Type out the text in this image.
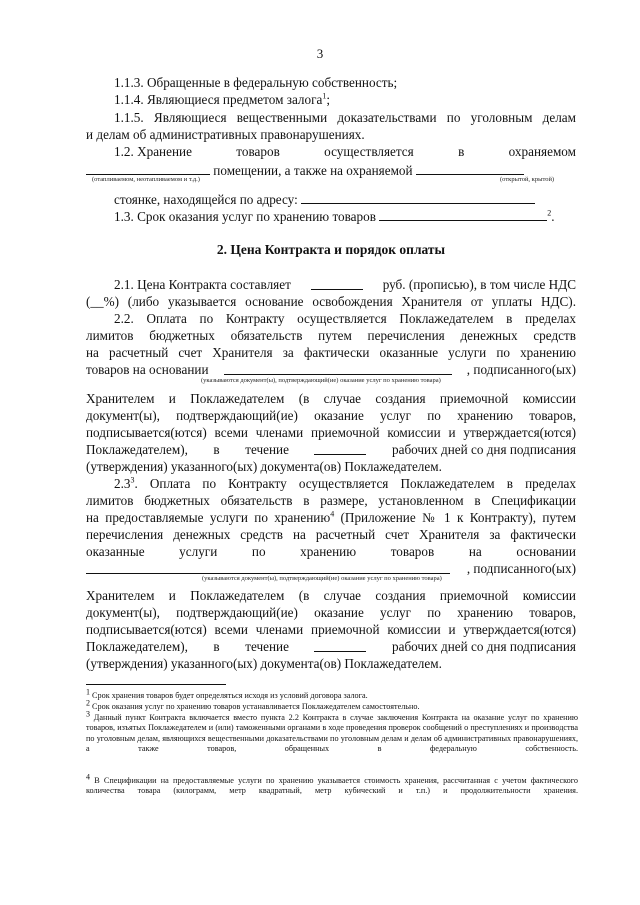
3
1.1.3. Обращенные в федеральную собственность;
1.1.4. Являющиеся предметом залога$^1$;
1.1.5. Являющиеся вещественными доказательствами по уголовным делам
и делам об административных правонарушениях.
1.2. Хранение	товаров	осуществляется	в	охраняемом
помещении, а также на охраняемой
(отапливаемом, неотапливаемом и т.д.)	(открытой, крытой)
стоянке, находящейся по адресу:
1.3. Срок оказания услуг по хранению товаров	$^2$.
2. Цена Контракта и порядок оплаты
2.1. Цена Контракта составляет	руб. (прописью), в том числе НДС
(__%) (либо указывается основание освобождения Хранителя от уплаты НДС).
2.2. Оплата по Контракту осуществляется Поклажедателем в пределах
лимитов бюджетных обязательств путем перечисления денежных средств
на расчетный счет Хранителя за фактически оказанные услуги по хранению
товаров на основании	, подписанного(ых)
(указываются документ(ы), подтверждающий(ие) оказание услуг по хранению товара)
Хранителем и Поклажедателем (в случае создания приемочной комиссии
документ(ы), подтверждающий(ие) оказание услуг по хранению товаров,
подписывается(ются) всеми членами приемочной комиссии и утверждается(ются)
Поклажедателем), в течение	рабочих дней со дня подписания
(утверждения) указанного(ых) документа(ов) Поклажедателем.
$2.3^3$. Оплата по Контракту осуществляется Поклажедателем в пределах
лимитов бюджетных обязательств в размере, установленном в Спецификации
на предоставляемые услуги по хранению$^4$ (Приложение № 1 к Контракту), путем
перечисления денежных средств на расчетный счет Хранителя за фактически
оказанные	услуги	по	хранению	товаров	на	основании
, подписанного(ых)
(указываются документ(ы), подтверждающий(ие) оказание услуг по хранению товара)
Хранителем и Поклажедателем (в случае создания приемочной комиссии
документ(ы), подтверждающий(ие) оказание услуг по хранению товаров,
подписывается(ются) всеми членами приемочной комиссии и утверждается(ются)
Поклажедателем), в течение	рабочих дней со дня подписания
(утверждения) указанного(ых) документа(ов) Поклажедателем.
$^1$ Срок хранения товаров будет определяться исходя из условий договора залога.
$^2$ Срок оказания услуг по хранению товаров устанавливается Поклажедателем самостоятельно.
$^3$ Данный пункт Контракта включается вместо пункта 2.2 Контракта в случае заключения Контракта на оказание услуг по хранению товаров, изъятых Поклажедателем и (или) таможенными органами в ходе проведения проверок сообщений о преступлениях и производства по уголовным делам, являющихся вещественными доказательствами по уголовным делам и делам об административных правонарушениях, а также товаров, обращенных в федеральную собственность.
$^4$ В Спецификации на предоставляемые услуги по хранению указывается стоимость хранения, рассчитанная с учетом фактического количества товара (килограмм, метр квадратный, метр кубический и т.п.) и продолжительности хранения.
